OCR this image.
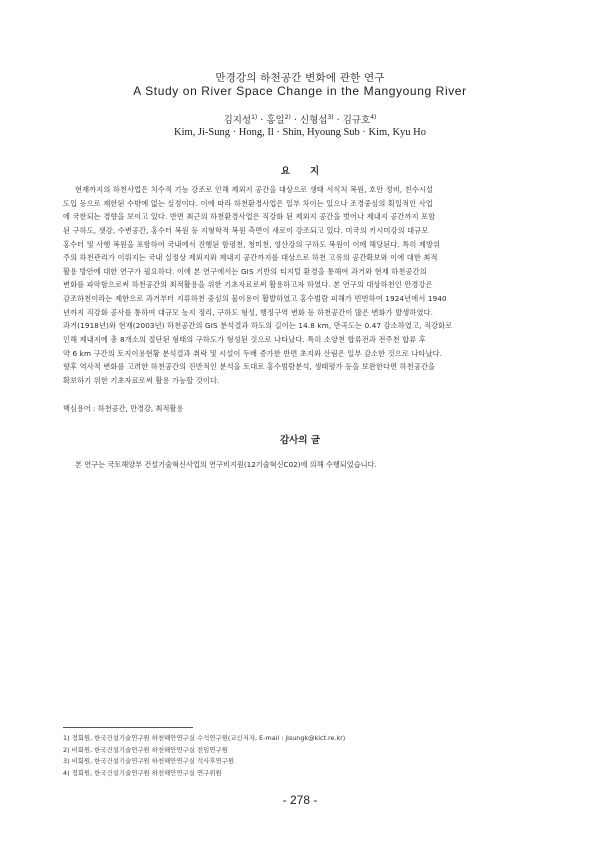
만경강의 하천공간 변화에 관한 연구
A Study on River Space Change in the Mangyoung River
김지성$^{1)}$ · 홍일$^{2)}$ · 신형섭$^{3)}$ · 김규호$^{4)}$
Kim, Ji-Sung · Hong, Il · Shin, Hyoung Sub · Kim, Kyu Ho
요지
현재까지의 하천사업은 치수적 기능 강조로 인해 제외지 공간을 대상으로 생태 서식처 복원, 호안 정비, 친수시설
도입 등으로 제한된 수밖에 없는 실정이다. 이에 따라 하천환경사업은 일부 차이는 있으나 조경중심의 획일적인 사업
에 국한되는 경향을 보이고 있다. 반면 최근의 하천환경사업은 직강화 된 제외지 공간을 벗어나 제내지 공간까지 포함
된 구하도, 샛강, 수변공간, 홍수터 복원 등 지형학적 복원 측면이 새로이 강조되고 있다. 미국의 키시미강의 대규모
홍수터 및 사행 복원을 포함하여 국내에서 진행된 함평천, 청미천, 영산강의 구하도 복원이 이에 해당된다. 특히 제방위
주의 하천관리가 이뤄지는 국내 실정상 제외지와 제내지 공간까지를 대상으로 하천 고유의 공간확보와 이에 대한 최적
활용 방안에 대한 연구가 필요하다. 이에 본 연구에서는 GIS 기반의 티지털 환경을 통해여 과거와 현재 하천공간의
변화를 파악함으로써 하천공간의 최적활용을 위한 기초자료로써 활용하고자 하였다. 본 연구의 대상하천인 만경강은
감조하천이라는 제한으로 과거부터 지류하천 중심의 물이용이 활발하였고 홍수범람 피해가 빈번하여 1924년에서 1940
년까지 직강화 공사를 통하여 대규모 농지 정리, 구하도 형성, 행정구역 변화 등 하천공간이 많은 변화가 발생하였다.
과거(1918년)와 현재(2003년) 하천공간의 GIS 분석결과 하도의 길이는 14.8 km, 만곡도는 0.47 감소하였고, 직강화로
인해 제내지에 총 8개소의 절단된 형태의 구하도가 형성된 것으로 나타났다. 특히 소양천 합류전과 전주천 합류 후
약 6 km 구간의 토지이용현황 분석결과 취락 및 시설이 두배 증가한 반면 초지와 산림은 일부 감소한 것으로 나타났다.
향후 역사적 변화를 고려한 하천공간의 진반적인 분석을 토대로 홍수범람분석, 생태평가 등을 보완한다면 하천공간을
확보하기 위한 기초자료로써 활용 가능할 것이다.
핵심용어 : 하천공간, 만경강, 최적활용
감사의 글
본 연구는 국토해양부 건설기술혁신사업의 연구비지원(12기술혁신C02)에 의해 수행되었습니다.
1) 정회원, 한국건설기술연구원 하천해안연구실 수석연구원(교신저자, E-mail : jisungk@kict.re.kr)
2) 비회원, 한국건설기술연구원 하천해안연구실 전임연구원
3) 비회원, 한국건설기술연구원 하천해안연구실 석사후연구원
4) 정회원, 한국건설기술연구원 하천해안연구실 연구위원
- 278 -
